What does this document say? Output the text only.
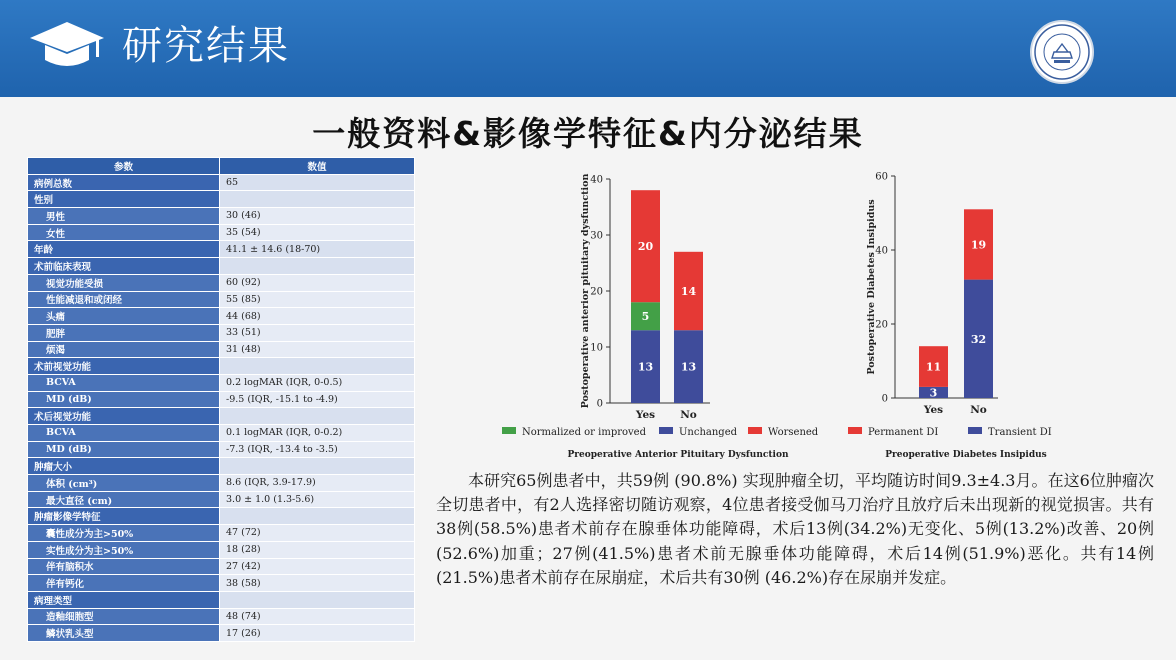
研究结果
一般资料&影像学特征&内分泌结果
参数	数值
病例总数	65
性别	
男性	30 (46)
女性	35 (54)
年龄	41.1 ± 14.6 (18-70)
术前临床表现	
视觉功能受损	60 (92)
性能减退和或闭经	55 (85)
头痛	44 (68)
肥胖	33 (51)
烦渴	31 (48)
术前视觉功能	
BCVA	0.2 logMAR (IQR, 0-0.5)
MD (dB)	-9.5 (IQR, -15.1 to -4.9)
术后视觉功能	
BCVA	0.1 logMAR (IQR, 0-0.2)
MD (dB)	-7.3 (IQR, -13.4 to -3.5)
肿瘤大小	
体积 (cm³)	8.6 (IQR, 3.9-17.9)
最大直径 (cm)	3.0 ± 1.0 (1.3-5.6)
肿瘤影像学特征	
囊性成分为主>50%	47 (72)
实性成分为主>50%	18 (28)
伴有脑积水	27 (42)
伴有钙化	38 (58)
病理类型	
造釉细胞型	48 (74)
鳞状乳头型	17 (26)
Postoperative anterior pituitary dysfunction 0
10
20
30
40
13
5
20
Yes
13
14
No
Normalized or improved	Unchanged	Worsened
Preoperative Anterior Pituitary Dysfunction
Postoperative Diabetes Insipidus
0
20
40
60
3
11
Yes
32
19
No
Permanent DI	Transient DI
Preoperative Diabetes Insipidus
本研究65例患者中，共59例 (90.8%) 实现肿瘤全切，平均随访时间9.3±4.3月。在这6位肿瘤次全切患者中，有2人选择密切随访观察，4位患者接受伽马刀治疗且放疗后未出现新的视觉损害。共有38例(58.5%)患者术前存在腺垂体功能障碍，术后13例(34.2%)无变化、5例(13.2%)改善、20例(52.6%)加重；27例(41.5%)患者术前无腺垂体功能障碍，术后14例(51.9%)恶化。共有14例(21.5%)患者术前存在尿崩症，术后共有30例 (46.2%)存在尿崩并发症。
